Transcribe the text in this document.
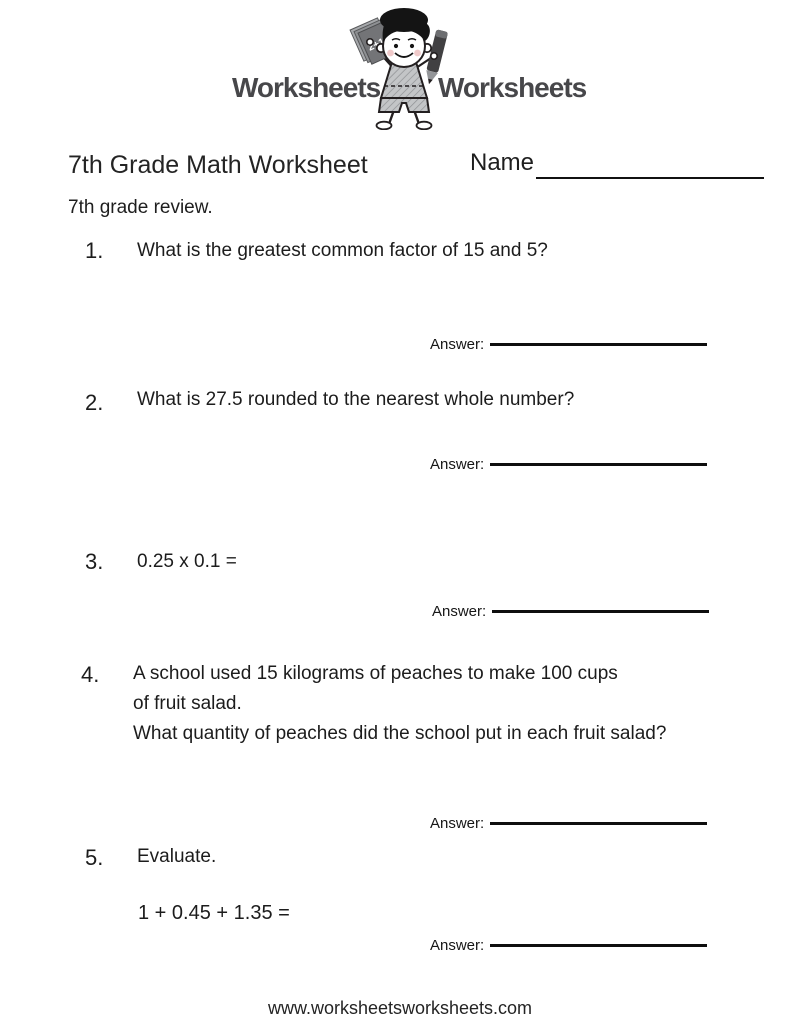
Worksheets Worksheets
7th Grade Math Worksheet	Name
7th grade review.
1. What is the greatest common factor of 15 and 5?
Answer:
2. What is 27.5 rounded to the nearest whole number?
Answer:
3. 0.25 x 0.1 =
Answer:
4. A school used 15 kilograms of peaches to make 100 cups
of fruit salad.
What quantity of peaches did the school put in each fruit salad?
Answer:
5. Evaluate.
1 + 0.45 + 1.35 =
Answer:
www.worksheetsworksheets.com
